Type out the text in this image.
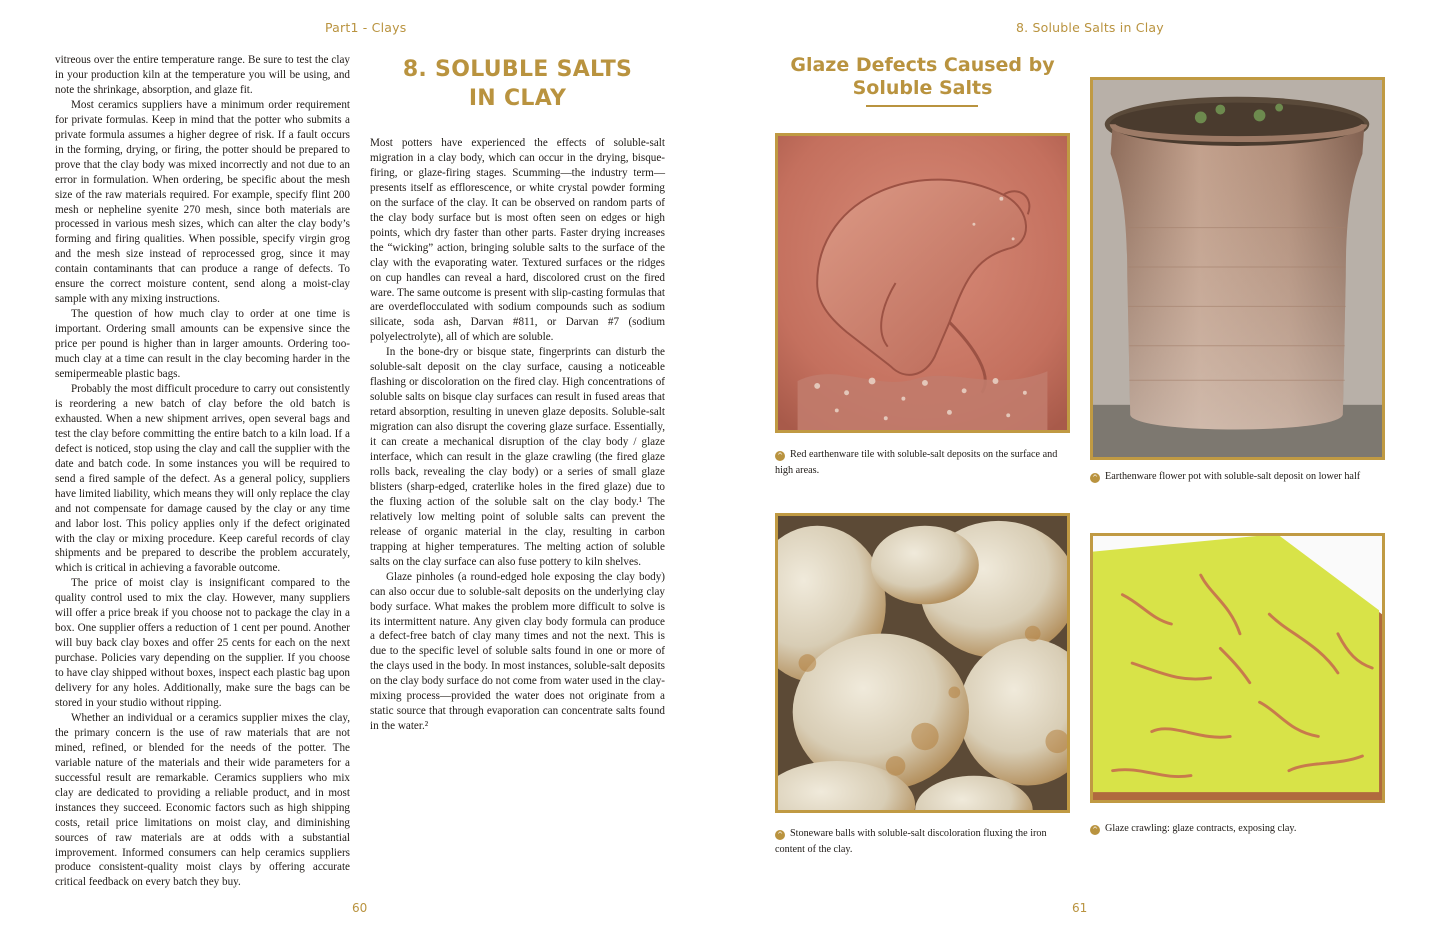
Part1 - Clays	8. Soluble Salts in Clay

vitreous over the entire temperature range. Be sure to test the clay in your production kiln at the temperature you will be using, and note the shrinkage, absorption, and glaze fit.

Most ceramics suppliers have a minimum order requirement for private formulas. Keep in mind that the potter who submits a private formula assumes a higher degree of risk. If a fault occurs in the forming, drying, or firing, the potter should be prepared to prove that the clay body was mixed incorrectly and not due to an error in formulation. When ordering, be specific about the mesh size of the raw materials required. For example, specify flint 200 mesh or nepheline syenite 270 mesh, since both materials are processed in various mesh sizes, which can alter the clay body’s forming and firing qualities. When possible, specify virgin grog and the mesh size instead of reprocessed grog, since it may contain contaminants that can produce a range of defects. To ensure the correct moisture content, send along a moist-clay sample with any mixing instructions.

The question of how much clay to order at one time is important. Ordering small amounts can be expensive since the price per pound is higher than in larger amounts. Ordering too-much clay at a time can result in the clay becoming harder in the semipermeable plastic bags.

Probably the most difficult procedure to carry out consistently is reordering a new batch of clay before the old batch is exhausted. When a new shipment arrives, open several bags and test the clay before committing the entire batch to a kiln load. If a defect is noticed, stop using the clay and call the supplier with the date and batch code. In some instances you will be required to send a fired sample of the defect. As a general policy, suppliers have limited liability, which means they will only replace the clay and not compensate for damage caused by the clay or any time and labor lost. This policy applies only if the defect originated with the clay or mixing procedure. Keep careful records of clay shipments and be prepared to describe the problem accurately, which is critical in achieving a favorable outcome.

The price of moist clay is insignificant compared to the quality control used to mix the clay. However, many suppliers will offer a price break if you choose not to package the clay in a box. One supplier offers a reduction of 1 cent per pound. Another will buy back clay boxes and offer 25 cents for each on the next purchase. Policies vary depending on the supplier. If you choose to have clay shipped without boxes, inspect each plastic bag upon delivery for any holes. Additionally, make sure the bags can be stored in your studio without ripping.

Whether an individual or a ceramics supplier mixes the clay, the primary concern is the use of raw materials that are not mined, refined, or blended for the needs of the potter. The variable nature of the materials and their wide parameters for a successful result are remarkable. Ceramics suppliers who mix clay are dedicated to providing a reliable product, and in most instances they succeed. Economic factors such as high shipping costs, retail price limitations on moist clay, and diminishing sources of raw materials are at odds with a substantial improvement. Informed consumers can help ceramics suppliers produce consistent-quality moist clays by offering accurate critical feedback on every batch they buy.

8. SOLUBLE SALTS
IN CLAY

Most potters have experienced the effects of soluble-salt migration in a clay body, which can occur in the drying, bisque-firing, or glaze-firing stages. Scumming—the industry term—presents itself as efflorescence, or white crystal powder forming on the surface of the clay. It can be observed on random parts of the clay body surface but is most often seen on edges or high points, which dry faster than other parts. Faster drying increases the “wicking” action, bringing soluble salts to the surface of the clay with the evaporating water. Textured surfaces or the ridges on cup handles can reveal a hard, discolored crust on the fired ware. The same outcome is present with slip-casting formulas that are overdeflocculated with sodium compounds such as sodium silicate, soda ash, Darvan #811, or Darvan #7 (sodium polyelectrolyte), all of which are soluble.

In the bone-dry or bisque state, fingerprints can disturb the soluble-salt deposit on the clay surface, causing a noticeable flashing or discoloration on the fired clay. High concentrations of soluble salts on bisque clay surfaces can result in fused areas that retard absorption, resulting in uneven glaze deposits. Soluble-salt migration can also disrupt the covering glaze surface. Essentially, it can create a mechanical disruption of the clay body / glaze interface, which can result in the glaze crawling (the fired glaze rolls back, revealing the clay body) or a series of small glaze blisters (sharp-edged, craterlike holes in the fired glaze) due to the fluxing action of the soluble salt on the clay body.¹ The relatively low melting point of soluble salts can prevent the release of organic material in the clay, resulting in carbon trapping at higher temperatures. The melting action of soluble salts on the clay surface can also fuse pottery to kiln shelves.

Glaze pinholes (a round-edged hole exposing the clay body) can also occur due to soluble-salt deposits on the underlying clay body surface. What makes the problem more difficult to solve is its intermittent nature. Any given clay body formula can produce a defect-free batch of clay many times and not the next. This is due to the specific level of soluble salts found in one or more of the clays used in the body. In most instances, soluble-salt deposits on the clay body surface do not come from water used in the clay-mixing process—provided the water does not originate from a static source that through evaporation can concentrate salts found in the water.²

Glaze Defects Caused by
Soluble Salts

^ Red earthenware tile with soluble-salt deposits on the surface and high areas.

^ Earthenware flower pot with soluble-salt deposit on lower half

^ Stoneware balls with soluble-salt discoloration fluxing the iron content of the clay.

^ Glaze crawling: glaze contracts, exposing clay.

60	61
